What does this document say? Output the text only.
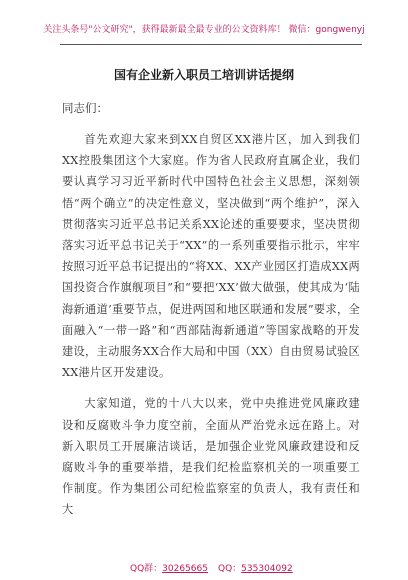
关注头条号"公文研究"，获得最新最全最专业的公文资料库！ 微信：gongwenyj
国有企业新入职员工培训讲话提纲

同志们：

首先欢迎大家来到XX自贸区XX港片区，加入到我们XX控股集团这个大家庭。作为省人民政府直属企业，我们要认真学习习近平新时代中国特色社会主义思想，深刻领悟“两个确立”的决定性意义，坚决做到“两个维护”，深入贯彻落实习近平总书记关系XX论述的重要要求，坚决贯彻落实习近平总书记关于“XX”的一系列重要指示批示，牢牢按照习近平总书记提出的“将XX、XX产业园区打造成XX两国投资合作旗舰项目”和“要把‘XX’做大做强，使其成为‘陆海新通道’重要节点，促进两国和地区联通和发展”要求，全面融入“一带一路”和“西部陆海新通道”等国家战略的开发建设，主动服务XX合作大局和中国（XX）自由贸易试验区XX港片区开发建设。

大家知道，党的十八大以来，党中央推进党风廉政建设和反腐败斗争力度空前，全面从严治党永远在路上。对新入职员工开展廉洁谈话，是加强企业党风廉政建设和反腐败斗争的重要举措，是我们纪检监察机关的一项重要工作制度。作为集团公司纪检监察室的负责人，我有责任和大

QQ群：30265665 QQ：535304092
